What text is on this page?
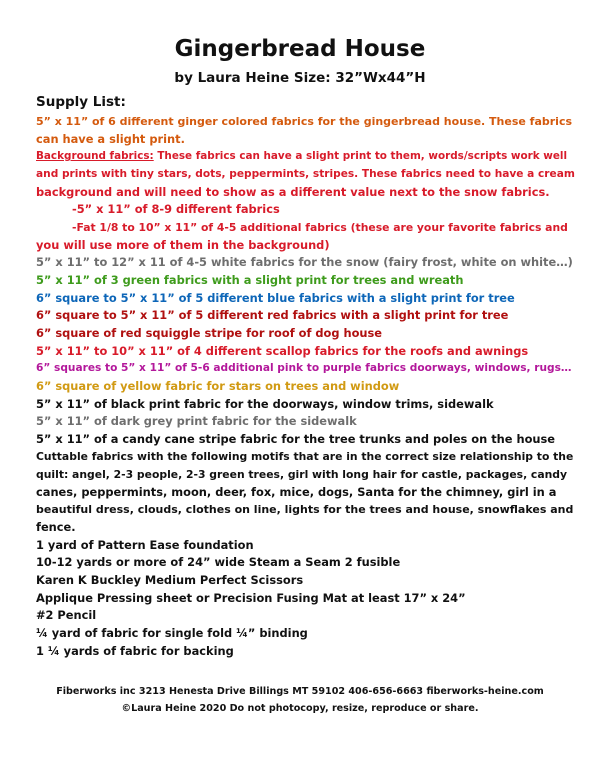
Gingerbread House
by Laura Heine Size: 32”Wx44”H
Supply List:
5” x 11” of 6 different ginger colored fabrics for the gingerbread house. These fabrics
can have a slight print.
Background fabrics: These fabrics can have a slight print to them, words/scripts work well
and prints with tiny stars, dots, peppermints, stripes. These fabrics need to have a cream
background and will need to show as a different value next to the snow fabrics.
-5” x 11” of 8-9 different fabrics
-Fat 1/8 to 10” x 11” of 4-5 additional fabrics (these are your favorite fabrics and
you will use more of them in the background)
5” x 11” to 12” x 11 of 4-5 white fabrics for the snow (fairy frost, white on white…)
5” x 11” of 3 green fabrics with a slight print for trees and wreath
6” square to 5” x 11” of 5 different blue fabrics with a slight print for tree
6” square to 5” x 11” of 5 different red fabrics with a slight print for tree
6” square of red squiggle stripe for roof of dog house
5” x 11” to 10” x 11” of 4 different scallop fabrics for the roofs and awnings
6” squares to 5” x 11” of 5-6 additional pink to purple fabrics doorways, windows, rugs…
6” square of yellow fabric for stars on trees and window
5” x 11” of black print fabric for the doorways, window trims, sidewalk
5” x 11” of dark grey print fabric for the sidewalk
5” x 11” of a candy cane stripe fabric for the tree trunks and poles on the house
Cuttable fabrics with the following motifs that are in the correct size relationship to the
quilt: angel, 2-3 people, 2-3 green trees, girl with long hair for castle, packages, candy
canes, peppermints, moon, deer, fox, mice, dogs, Santa for the chimney, girl in a
beautiful dress, clouds, clothes on line, lights for the trees and house, snowflakes and
fence.
1 yard of Pattern Ease foundation
10-12 yards or more of 24” wide Steam a Seam 2 fusible
Karen K Buckley Medium Perfect Scissors
Applique Pressing sheet or Precision Fusing Mat at least 17” x 24”
#2 Pencil
¼ yard of fabric for single fold ¼” binding
1 ¼ yards of fabric for backing
Fiberworks inc 3213 Henesta Drive Billings MT 59102 406-656-6663 fiberworks-heine.com
©Laura Heine 2020 Do not photocopy, resize, reproduce or share.
